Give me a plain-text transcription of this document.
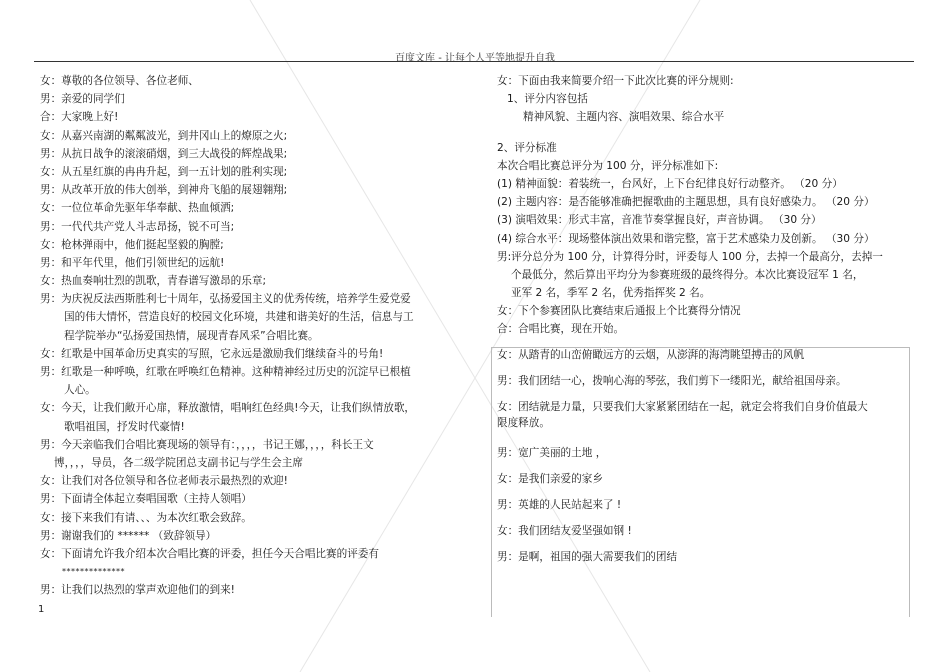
百度文库 - 让每个人平等地提升自我
女：尊敬的各位领导、各位老师、
男：亲爱的同学们
合：大家晚上好!
女：从嘉兴南湖的粼粼波光，到井冈山上的燎原之火;
男：从抗日战争的滚滚硝烟，到三大战役的辉煌战果;
女：从五星红旗的冉冉升起，到一五计划的胜利实现;
男：从改革开放的伟大创举，到神舟飞船的展翅翱翔;
女：一位位革命先驱年华奉献、热血倾洒;
男：一代代共产党人斗志昂扬，锐不可当;
女：枪林弹雨中，他们挺起坚毅的胸膛;
男：和平年代里，他们引领世纪的远航!
女：热血奏响壮烈的凯歌，青春谱写激昂的乐章;
男：为庆祝反法西斯胜利七十周年，弘扬爱国主义的优秀传统，培养学生爱党爱
国的伟大情怀，营造良好的校园文化环境，共建和谐美好的生活，信息与工
程学院举办“弘扬爱国热情，展现青春风采”合唱比赛。
女：红歌是中国革命历史真实的写照，它永远是激励我们继续奋斗的号角!
男：红歌是一种呼唤，红歌在呼唤红色精神。这种精神经过历史的沉淀早已根植
人心。
女：今天，让我们敞开心扉，释放激情，唱响红色经典!今天，让我们纵情放歌，
歌唱祖国，抒发时代豪情!
男：今天亲临我们合唱比赛现场的领导有：，，，，书记王娜，，，，科长王文
博，，，，导员，各二级学院团总支副书记与学生会主席
女：让我们对各位领导和各位老师表示最热烈的欢迎!
男：下面请全体起立奏唱国歌（主持人领唱）
女：接下来我们有请、、、为本次红歌会致辞。
男：谢谢我们的 ****** （致辞领导）
女：下面请允许我介绍本次合唱比赛的评委，担任今天合唱比赛的评委有
**************
男：让我们以热烈的掌声欢迎他们的到来!
女：下面由我来简要介绍一下此次比赛的评分规则:
1、评分内容包括
精神风貌、主题内容、演唱效果、综合水平
2、评分标准
本次合唱比赛总评分为 100 分，评分标准如下:
(1) 精神面貌：着装统一，台风好，上下台纪律良好行动整齐。 （20 分）
(2) 主题内容：是否能够准确把握歌曲的主题思想，具有良好感染力。 （20 分）
(3) 演唱效果：形式丰富，音准节奏掌握良好，声音协调。 （30 分）
(4) 综合水平：现场整体演出效果和谐完整，富于艺术感染力及创新。 （30 分）
男:评分总分为 100 分，计算得分时，评委每人 100 分，去掉一个最高分，去掉一
个最低分，然后算出平均分为参赛班级的最终得分。本次比赛设冠军 1 名，
亚军 2 名，季军 2 名，优秀指挥奖 2 名。
女：下个参赛团队比赛结束后通报上个比赛得分情况
合：合唱比赛，现在开始。
女：从踏青的山峦俯瞰远方的云烟，从澎湃的海湾眺望搏击的风帆
男：我们团结一心，拨响心海的琴弦，我们剪下一缕阳光，献给祖国母亲。
女：团结就是力量，只要我们大家紧紧团结在一起，就定会将我们自身价值最大
限度释放。
男：宽广美丽的土地 ，
女：是我们亲爱的家乡
男：英雄的人民站起来了 !
女：我们团结友爱坚强如钢 !
男：是啊，祖国的强大需要我们的团结
1
